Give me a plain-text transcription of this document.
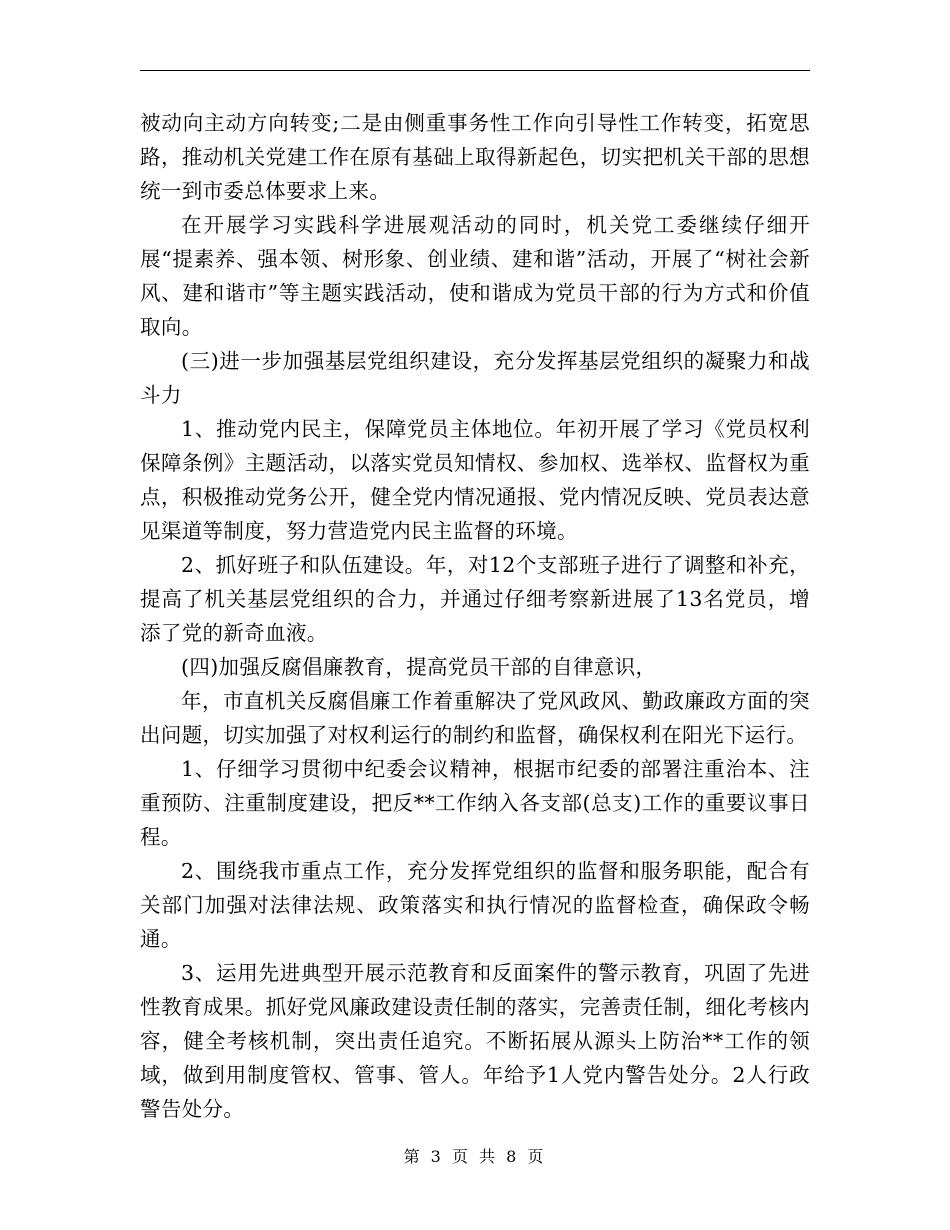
被动向主动方向转变;二是由侧重事务性工作向引导性工作转变，拓宽思路，推动机关党建工作在原有基础上取得新起色，切实把机关干部的思想统一到市委总体要求上来。

在开展学习实践科学进展观活动的同时，机关党工委继续仔细开展“提素养、强本领、树形象、创业绩、建和谐”活动，开展了“树社会新风、建和谐市”等主题实践活动，使和谐成为党员干部的行为方式和价值取向。

(三)进一步加强基层党组织建设，充分发挥基层党组织的凝聚力和战斗力

1、推动党内民主，保障党员主体地位。年初开展了学习《党员权利保障条例》主题活动，以落实党员知情权、参加权、选举权、监督权为重点，积极推动党务公开，健全党内情况通报、党内情况反映、党员表达意见渠道等制度，努力营造党内民主监督的环境。

2、抓好班子和队伍建设。年，对12个支部班子进行了调整和补充，提高了机关基层党组织的合力，并通过仔细考察新进展了13名党员，增添了党的新奇血液。

(四)加强反腐倡廉教育，提高党员干部的自律意识，

年，市直机关反腐倡廉工作着重解决了党风政风、勤政廉政方面的突出问题，切实加强了对权利运行的制约和监督，确保权利在阳光下运行。

1、仔细学习贯彻中纪委会议精神，根据市纪委的部署注重治本、注重预防、注重制度建设，把反**工作纳入各支部(总支)工作的重要议事日程。

2、围绕我市重点工作，充分发挥党组织的监督和服务职能，配合有关部门加强对法律法规、政策落实和执行情况的监督检查，确保政令畅通。

3、运用先进典型开展示范教育和反面案件的警示教育，巩固了先进性教育成果。抓好党风廉政建设责任制的落实，完善责任制，细化考核内容，健全考核机制，突出责任追究。不断拓展从源头上防治**工作的领域，做到用制度管权、管事、管人。年给予1人党内警告处分。2人行政警告处分。

第 3 页 共 8 页
